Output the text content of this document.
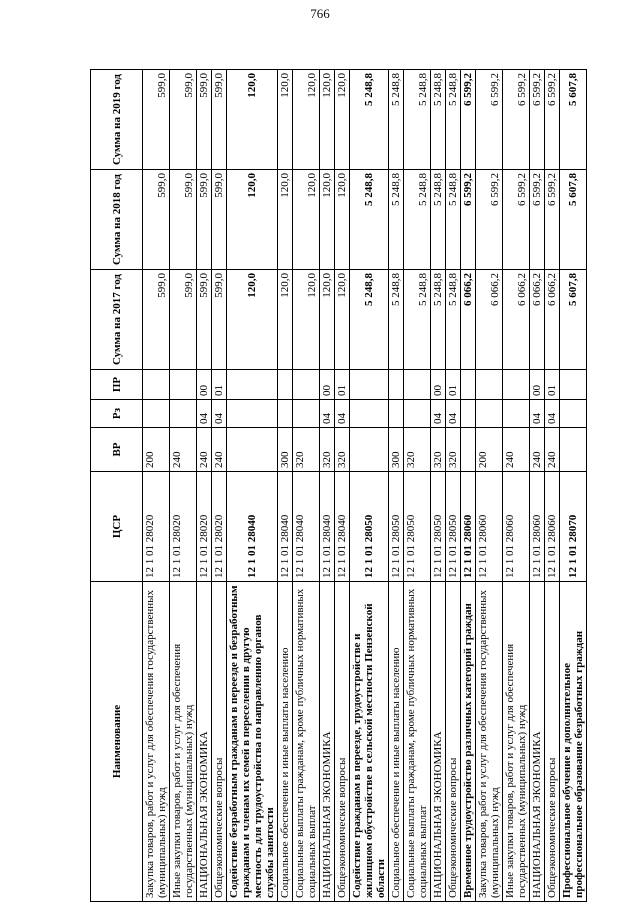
766
Наименование	ЦСР	ВР	Рз	ПР	Сумма на 2017 год	Сумма на 2018 год	Сумма на 2019 год
Закупка товаров, работ и услуг для обеспечения государственных (муниципальных) нужд	12 1 01 28020	200			599,0	599,0	599,0
Иные закупки товаров, работ и услуг для обеспечения государственных (муниципальных) нужд	12 1 01 28020	240			599,0	599,0	599,0
НАЦИОНАЛЬНАЯ ЭКОНОМИКА	12 1 01 28020	240	04	00	599,0	599,0	599,0
Общеэкономические вопросы	12 1 01 28020	240	04	01	599,0	599,0	599,0
Содействие безработным гражданам в переезде и безработным гражданам и членам их семей в переселении в другую местность для трудоустройства по направлению органов службы занятости	12 1 01 28040				120,0	120,0	120,0
Социальное обеспечение и иные выплаты населению	12 1 01 28040	300			120,0	120,0	120,0
Социальные выплаты гражданам, кроме публичных нормативных социальных выплат	12 1 01 28040	320			120,0	120,0	120,0
НАЦИОНАЛЬНАЯ ЭКОНОМИКА	12 1 01 28040	320	04	00	120,0	120,0	120,0
Общеэкономические вопросы	12 1 01 28040	320	04	01	120,0	120,0	120,0
Содействие гражданам в переезде, трудоустройстве и жилищном обустройстве в сельской местности Пензенской области	12 1 01 28050				5 248,8	5 248,8	5 248,8
Социальное обеспечение и иные выплаты населению	12 1 01 28050	300			5 248,8	5 248,8	5 248,8
Социальные выплаты гражданам, кроме публичных нормативных социальных выплат	12 1 01 28050	320			5 248,8	5 248,8	5 248,8
НАЦИОНАЛЬНАЯ ЭКОНОМИКА	12 1 01 28050	320	04	00	5 248,8	5 248,8	5 248,8
Общеэкономические вопросы	12 1 01 28050	320	04	01	5 248,8	5 248,8	5 248,8
Временное трудоустройство различных категорий граждан	12 1 01 28060				6 066,2	6 599,2	6 599,2
Закупка товаров, работ и услуг для обеспечения государственных (муниципальных) нужд	12 1 01 28060	200			6 066,2	6 599,2	6 599,2
Иные закупки товаров, работ и услуг для обеспечения государственных (муниципальных) нужд	12 1 01 28060	240			6 066,2	6 599,2	6 599,2
НАЦИОНАЛЬНАЯ ЭКОНОМИКА	12 1 01 28060	240	04	00	6 066,2	6 599,2	6 599,2
Общеэкономические вопросы	12 1 01 28060	240	04	01	6 066,2	6 599,2	6 599,2
Профессиональное обучение и дополнительное профессиональное образование безработных граждан	12 1 01 28070				5 607,8	5 607,8	5 607,8
